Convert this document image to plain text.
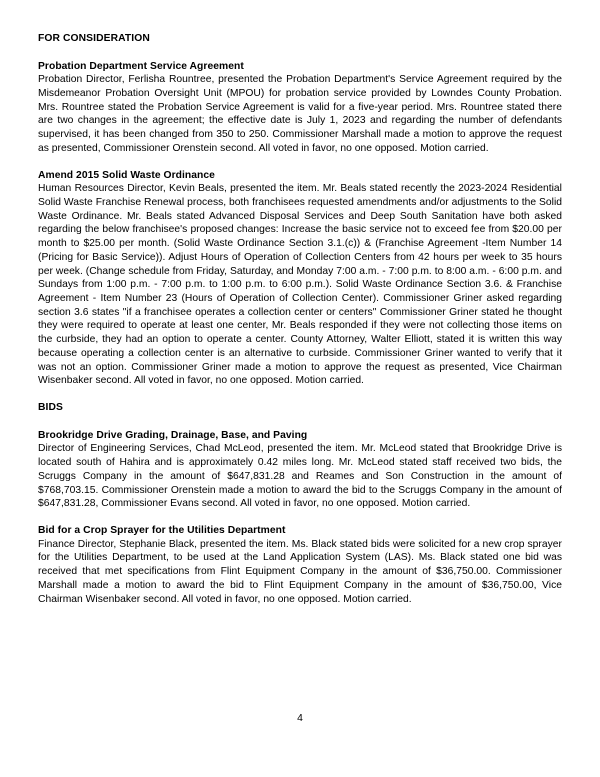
FOR CONSIDERATION
Probation Department Service Agreement

Probation Director, Ferlisha Rountree, presented the Probation Department's Service Agreement required by the Misdemeanor Probation Oversight Unit (MPOU) for probation service provided by Lowndes County Probation. Mrs. Rountree stated the Probation Service Agreement is valid for a five-year period. Mrs. Rountree stated there are two changes in the agreement; the effective date is July 1, 2023 and regarding the number of defendants supervised, it has been changed from 350 to 250. Commissioner Marshall made a motion to approve the request as presented, Commissioner Orenstein second. All voted in favor, no one opposed. Motion carried.

Amend 2015 Solid Waste Ordinance

Human Resources Director, Kevin Beals, presented the item. Mr. Beals stated recently the 2023-2024 Residential Solid Waste Franchise Renewal process, both franchisees requested amendments and/or adjustments to the Solid Waste Ordinance. Mr. Beals stated Advanced Disposal Services and Deep South Sanitation have both asked regarding the below franchisee's proposed changes: Increase the basic service not to exceed fee from $20.00 per month to $25.00 per month. (Solid Waste Ordinance Section 3.1.(c)) & (Franchise Agreement -Item Number 14 (Pricing for Basic Service)). Adjust Hours of Operation of Collection Centers from 42 hours per week to 35 hours per week. (Change schedule from Friday, Saturday, and Monday 7:00 a.m. - 7:00 p.m. to 8:00 a.m. - 6:00 p.m. and Sundays from 1:00 p.m. - 7:00 p.m. to 1:00 p.m. to 6:00 p.m.). Solid Waste Ordinance Section 3.6. & Franchise Agreement - Item Number 23 (Hours of Operation of Collection Center). Commissioner Griner asked regarding section 3.6 states "if a franchisee operates a collection center or centers" Commissioner Griner stated he thought they were required to operate at least one center, Mr. Beals responded if they were not collecting those items on the curbside, they had an option to operate a center. County Attorney, Walter Elliott, stated it is written this way because operating a collection center is an alternative to curbside. Commissioner Griner wanted to verify that it was not an option. Commissioner Griner made a motion to approve the request as presented, Vice Chairman Wisenbaker second. All voted in favor, no one opposed. Motion carried.

BIDS
Brookridge Drive Grading, Drainage, Base, and Paving

Director of Engineering Services, Chad McLeod, presented the item. Mr. McLeod stated that Brookridge Drive is located south of Hahira and is approximately 0.42 miles long. Mr. McLeod stated staff received two bids, the Scruggs Company in the amount of $647,831.28 and Reames and Son Construction in the amount of $768,703.15. Commissioner Orenstein made a motion to award the bid to the Scruggs Company in the amount of $647,831.28, Commissioner Evans second. All voted in favor, no one opposed. Motion carried.

Bid for a Crop Sprayer for the Utilities Department

Finance Director, Stephanie Black, presented the item. Ms. Black stated bids were solicited for a new crop sprayer for the Utilities Department, to be used at the Land Application System (LAS). Ms. Black stated one bid was received that met specifications from Flint Equipment Company in the amount of $36,750.00. Commissioner Marshall made a motion to award the bid to Flint Equipment Company in the amount of $36,750.00, Vice Chairman Wisenbaker second. All voted in favor, no one opposed. Motion carried.

4
